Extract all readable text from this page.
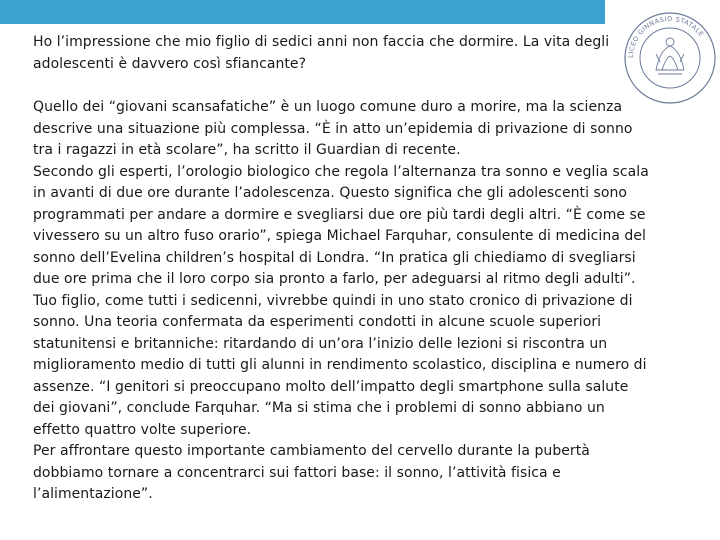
LICEO GINNASIO STATALE

Ho l’impressione che mio figlio di sedici anni non faccia che dormire. La vita degli adolescenti è davvero così sfiancante?

Quello dei “giovani scansafatiche” è un luogo comune duro a morire, ma la scienza descrive una situazione più complessa. “È in atto un’epidemia di privazione di sonno tra i ragazzi in età scolare”, ha scritto il Guardian di recente.

Secondo gli esperti, l’orologio biologico che regola l’alternanza tra sonno e veglia scala in avanti di due ore durante l’adolescenza. Questo significa che gli adolescenti sono programmati per andare a dormire e svegliarsi due ore più tardi degli altri. “È come se vivessero su un altro fuso orario”, spiega Michael Farquhar, consulente di medicina del sonno dell’Evelina children’s hospital di Londra. “In pratica gli chiediamo di svegliarsi due ore prima che il loro corpo sia pronto a farlo, per adeguarsi al ritmo degli adulti”.

Tuo figlio, come tutti i sedicenni, vivrebbe quindi in uno stato cronico di privazione di sonno. Una teoria confermata da esperimenti condotti in alcune scuole superiori statunitensi e britanniche: ritardando di un’ora l’inizio delle lezioni si riscontra un miglioramento medio di tutti gli alunni in rendimento scolastico, disciplina e numero di assenze. “I genitori si preoccupano molto dell’impatto degli smartphone sulla salute dei giovani”, conclude Farquhar. “Ma si stima che i problemi di sonno abbiano un effetto quattro volte superiore.

Per affrontare questo importante cambiamento del cervello durante la pubertà dobbiamo tornare a concentrarci sui fattori base: il sonno, l’attività fisica e l’alimentazione”.
